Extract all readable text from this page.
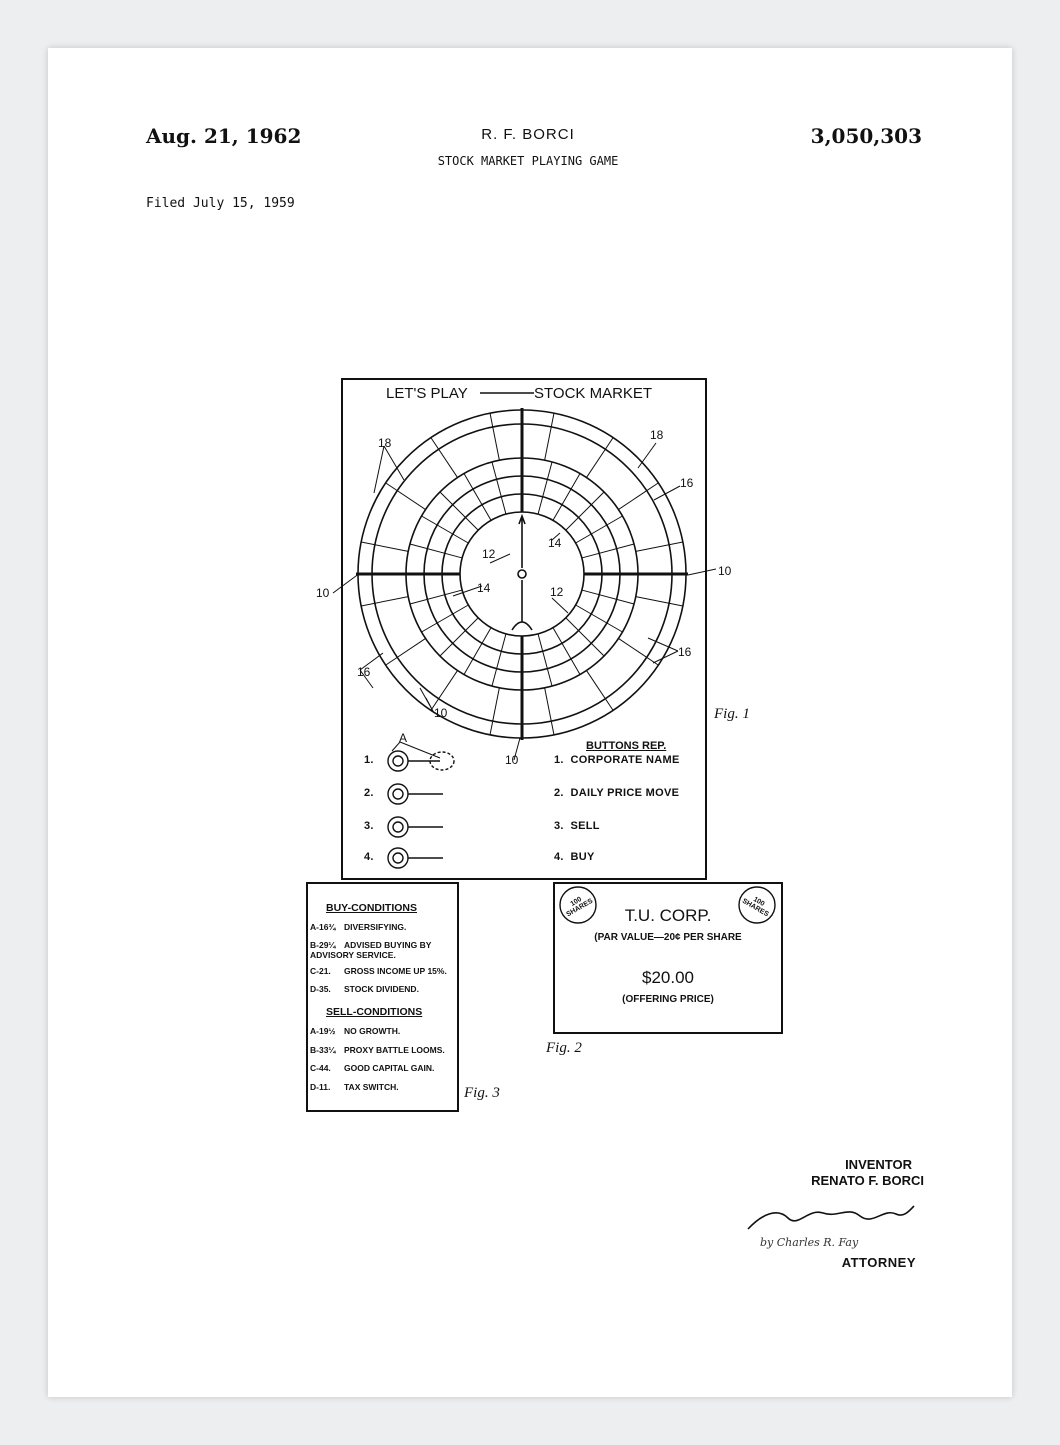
Aug. 21, 1962	R. F. BORCI	3,050,303
STOCK MARKET PLAYING GAME
Filed July 15, 1959
LET'S PLAY	STOCK MARKET
18
18
16
16
16
10
10
10
10
12
12
14
14
A
Fig. 1
1.
2.
3.
4.
BUTTONS REP.
1. CORPORATE NAME
2. DAILY PRICE MOVE
3. SELL
4. BUY
BUY-CONDITIONS
A-16¾ DIVERSIFYING.
B-29¼ ADVISED BUYING BY ADVISORY SERVICE.
C-21. GROSS INCOME UP 15%.
D-35. STOCK DIVIDEND.
SELL-CONDITIONS
A-19½ NO GROWTH.
B-33¼ PROXY BATTLE LOOMS.
C-44. GOOD CAPITAL GAIN.
D-11. TAX SWITCH.	Fig. 3
100 SHARES	100 SHARES
T.U. CORP.
(PAR VALUE—20¢ PER SHARE
$20.00
(OFFERING PRICE)
Fig. 2
INVENTOR
RENATO F. BORCI
by Charles R. Fay
ATTORNEY
